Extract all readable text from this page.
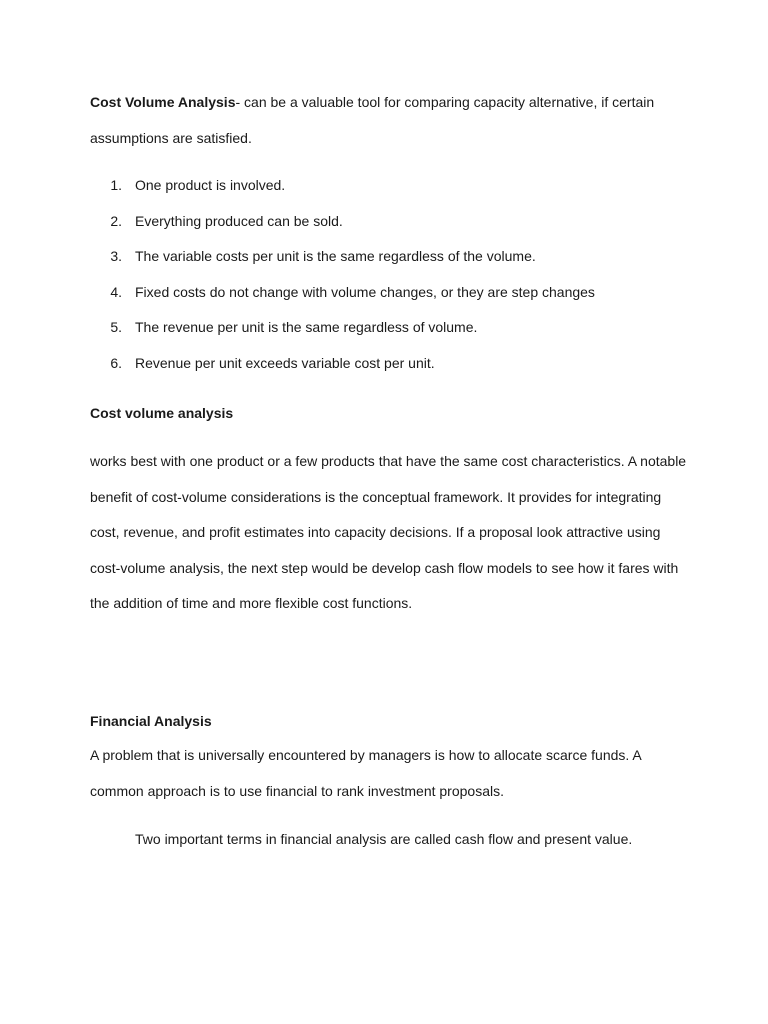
Cost Volume Analysis- can be a valuable tool for comparing capacity alternative, if certain assumptions are satisfied.

1. One product is involved.
2. Everything produced can be sold.
3. The variable costs per unit is the same regardless of the volume.
4. Fixed costs do not change with volume changes, or they are step changes
5. The revenue per unit is the same regardless of volume.
6. Revenue per unit exceeds variable cost per unit.
Cost volume analysis

works best with one product or a few products that have the same cost characteristics. A notable benefit of cost-volume considerations is the conceptual framework. It provides for integrating cost, revenue, and profit estimates into capacity decisions. If a proposal look attractive using cost-volume analysis, the next step would be develop cash flow models to see how it fares with the addition of time and more flexible cost functions.

Financial Analysis

A problem that is universally encountered by managers is how to allocate scarce funds. A common approach is to use financial to rank investment proposals.

Two important terms in financial analysis are called cash flow and present value.
